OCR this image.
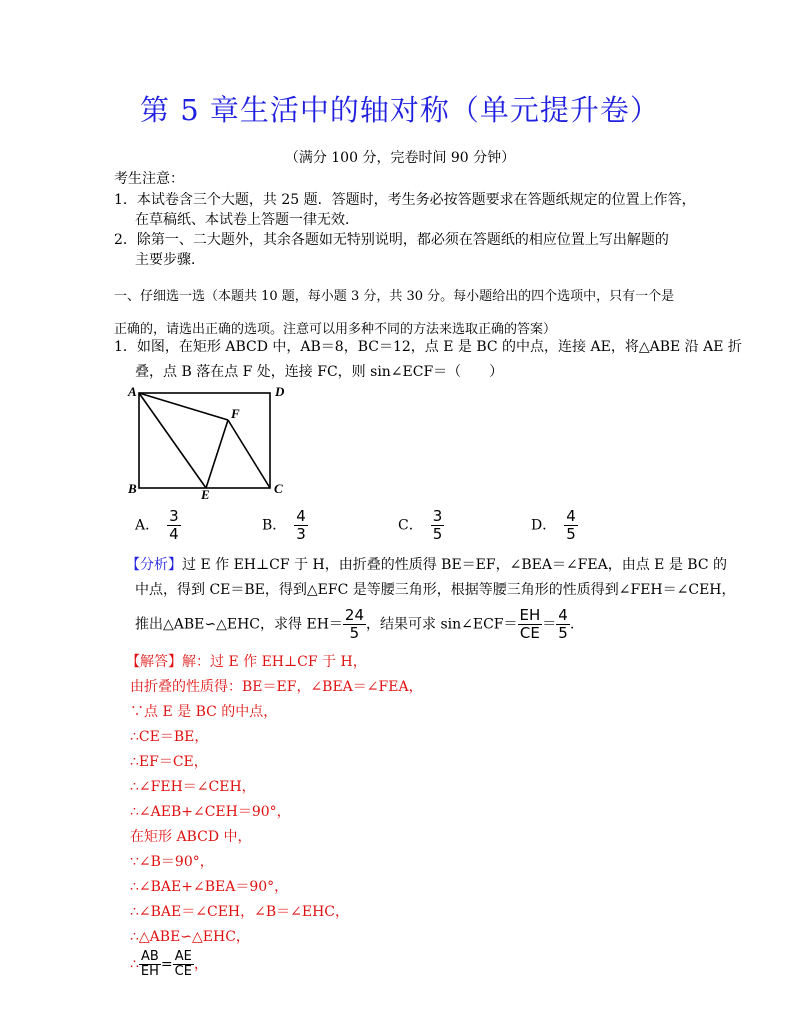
第 5 章生活中的轴对称（单元提升卷）
（满分 100 分，完卷时间 90 分钟）
考生注意：
1．本试卷含三个大题，共 25 题．答题时，考生务必按答题要求在答题纸规定的位置上作答，
在草稿纸、本试卷上答题一律无效．
2．除第一、二大题外，其余各题如无特别说明，都必须在答题纸的相应位置上写出解题的
主要步骤．
一、仔细选一选（本题共 10 题，每小题 3 分，共 30 分。每小题给出的四个选项中，只有一个是
正确的，请选出正确的选项。注意可以用多种不同的方法来选取正确的答案）
1．如图，在矩形 ABCD 中，AB＝8，BC＝12，点 E 是 BC 的中点，连接 AE，将△ABE 沿 AE 折
叠，点 B 落在点 F 处，连接 FC，则 sin∠ECF＝（　　）
A	D
F
B	E	C
A． $\frac{3}{4}$	B． $\frac{4}{3}$	C． $\frac{3}{5}$	D． $\frac{4}{5}$
【分析】过 E 作 EH⊥CF 于 H，由折叠的性质得 BE＝EF，∠BEA＝∠FEA，由点 E 是 BC 的
中点，得到 CE＝BE，得到△EFC 是等腰三角形，根据等腰三角形的性质得到∠FEH＝∠CEH，
推出△ABE∽△EHC，求得 $EH= \frac{24}{5}$ ，结果可求 sin∠ECF＝ $\frac{EH}{CE} = \frac{4}{5}$ .
【解答】解：过 E 作 EH⊥CF 于 H，
由折叠的性质得：BE＝EF，∠BEA＝∠FEA，
∵点 E 是 BC 的中点，
∴CE＝BE，
∴EF＝CE，
∴∠FEH＝∠CEH，
∴∠AEB+∠CEH＝90°，
在矩形 ABCD 中，
∵∠B＝90°，
∴∠BAE+∠BEA＝90°，
∴∠BAE＝∠CEH，∠B＝∠EHC，
∴△ABE∽△EHC，
∴ $\frac{AB}{EH} = \frac{AE}{CE}$ ，
